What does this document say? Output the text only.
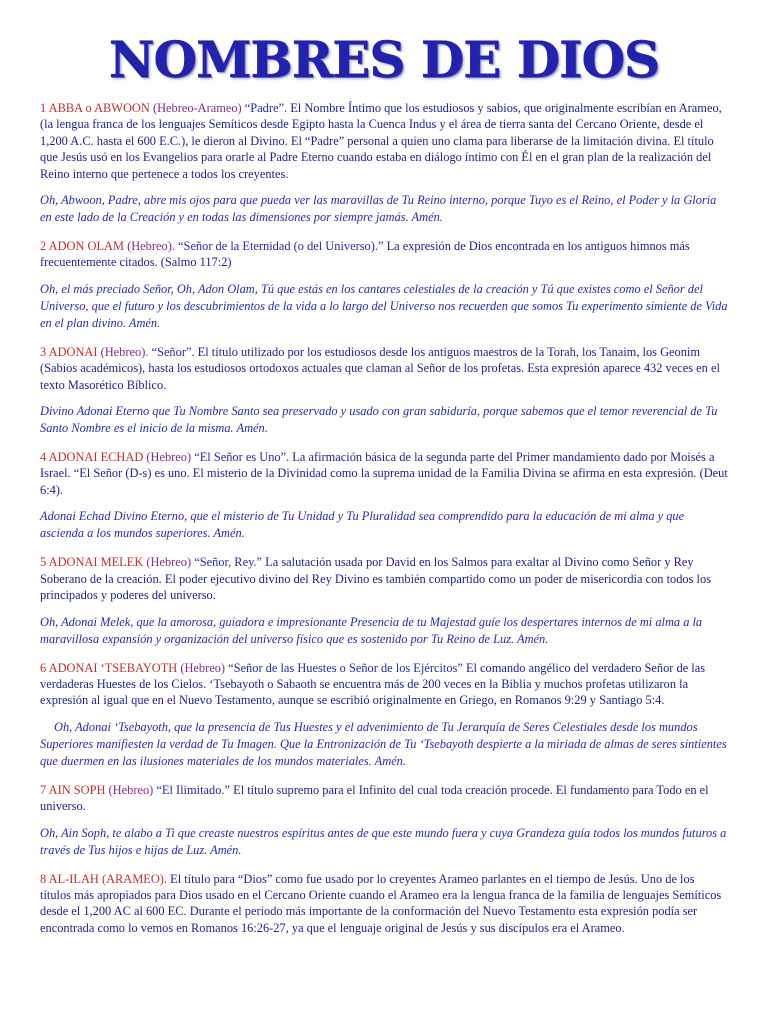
NOMBRES DE DIOS

1 ABBA o ABWOON (Hebreo-Arameo) “Padre”. El Nombre Íntimo que los estudiosos y sabios, que originalmente escribían en Arameo, (la lengua franca de los lenguajes Semíticos desde Egipto hasta la Cuenca Indus y el área de tierra santa del Cercano Oriente, desde el 1,200 A.C. hasta el 600 E.C.), le dieron al Divino. El “Padre” personal a quien uno clama para liberarse de la limitación divina. El título que Jesús usó en los Evangelios para orarle al Padre Eterno cuando estaba en diálogo íntimo con Él en el gran plan de la realización del Reino interno que pertenece a todos los creyentes.

Oh, Abwoon, Padre, abre mis ojos para que pueda ver las maravillas de Tu Reino interno, porque Tuyo es el Reino, el Poder y la Gloria en este lado de la Creación y en todas las dimensiones por siempre jamás. Amén.

2 ADON OLAM (Hebreo). “Señor de la Eternidad (o del Universo).” La expresión de Dios encontrada en los antiguos himnos más frecuentemente citados. (Salmo 117:2)

Oh, el más preciado Señor, Oh, Adon Olam, Tú que estás en los cantares celestiales de la creación y Tú que existes como el Señor del Universo, que el futuro y los descubrimientos de la vida a lo largo del Universo nos recuerden que somos Tu experimento simiente de Vida en el plan divino. Amén.

3 ADONAI (Hebreo). “Señor”. El título utilizado por los estudiosos desde los antiguos maestros de la Torah, los Tanaim, los Geonim (Sabios académicos), hasta los estudiosos ortodoxos actuales que claman al Señor de los profetas. Esta expresión aparece 432 veces en el texto Masorético Bíblico.

Divino Adonai Eterno que Tu Nombre Santo sea preservado y usado con gran sabiduría, porque sabemos que el temor reverencial de Tu Santo Nombre es el inicio de la misma. Amén.

4 ADONAI ECHAD (Hebreo) “El Señor es Uno”. La afirmación básica de la segunda parte del Primer mandamiento dado por Moisés a Israel. “El Señor (D-s) es uno. El misterio de la Divinidad como la suprema unidad de la Familia Divina se afirma en esta expresión. (Deut 6:4).

Adonai Echad Divino Eterno, que el misterio de Tu Unidad y Tu Pluralidad sea comprendido para la educación de mi alma y que ascienda a los mundos superiores. Amén.

5 ADONAI MELEK (Hebreo) “Señor, Rey.” La salutación usada por David en los Salmos para exaltar al Divino como Señor y Rey Soberano de la creación. El poder ejecutivo divino del Rey Divino es también compartido como un poder de misericordia con todos los principados y poderes del universo.

Oh, Adonai Melek, que la amorosa, guiadora e impresionante Presencia de tu Majestad guíe los despertares internos de mi alma a la maravillosa expansión y organización del universo físico que es sostenido por Tu Reino de Luz. Amén.

6 ADONAI ‘TSEBAYOTH (Hebreo) “Señor de las Huestes o Señor de los Ejércitos” El comando angélico del verdadero Señor de las verdaderas Huestes de los Cielos. ‘Tsebayoth o Sabaoth se encuentra más de 200 veces en la Biblia y muchos profetas utilizaron la expresión al igual que en el Nuevo Testamento, aunque se escribió originalmente en Griego, en Romanos 9:29 y Santiago 5:4.

Oh, Adonai ‘Tsebayoth, que la presencia de Tus Huestes y el advenimiento de Tu Jerarquía de Seres Celestiales desde los mundos Superiores manifiesten la verdad de Tu Imagen. Que la Entronización de Tu ‘Tsebayoth despierte a la miriada de almas de seres sintientes que duermen en las ilusiones materiales de los mundos materiales. Amén.

7 AIN SOPH (Hebreo) “El Ilimitado.” El título supremo para el Infinito del cual toda creación procede. El fundamento para Todo en el universo.

Oh, Ain Soph, te alabo a Ti que creaste nuestros espíritus antes de que este mundo fuera y cuya Grandeza guía todos los mundos futuros a través de Tus hijos e hijas de Luz. Amén.

8 AL-ILAH (ARAMEO). El título para “Dios” como fue usado por lo creyentes Arameo parlantes en el tiempo de Jesús. Uno de los títulos más apropiados para Dios usado en el Cercano Oriente cuando el Arameo era la lengua franca de la familia de lenguajes Semíticos desde el 1,200 AC al 600 EC. Durante el periodo más importante de la conformación del Nuevo Testamento esta expresión podía ser encontrada como lo vemos en Romanos 16:26-27, ya que el lenguaje original de Jesús y sus discípulos era el Arameo.
